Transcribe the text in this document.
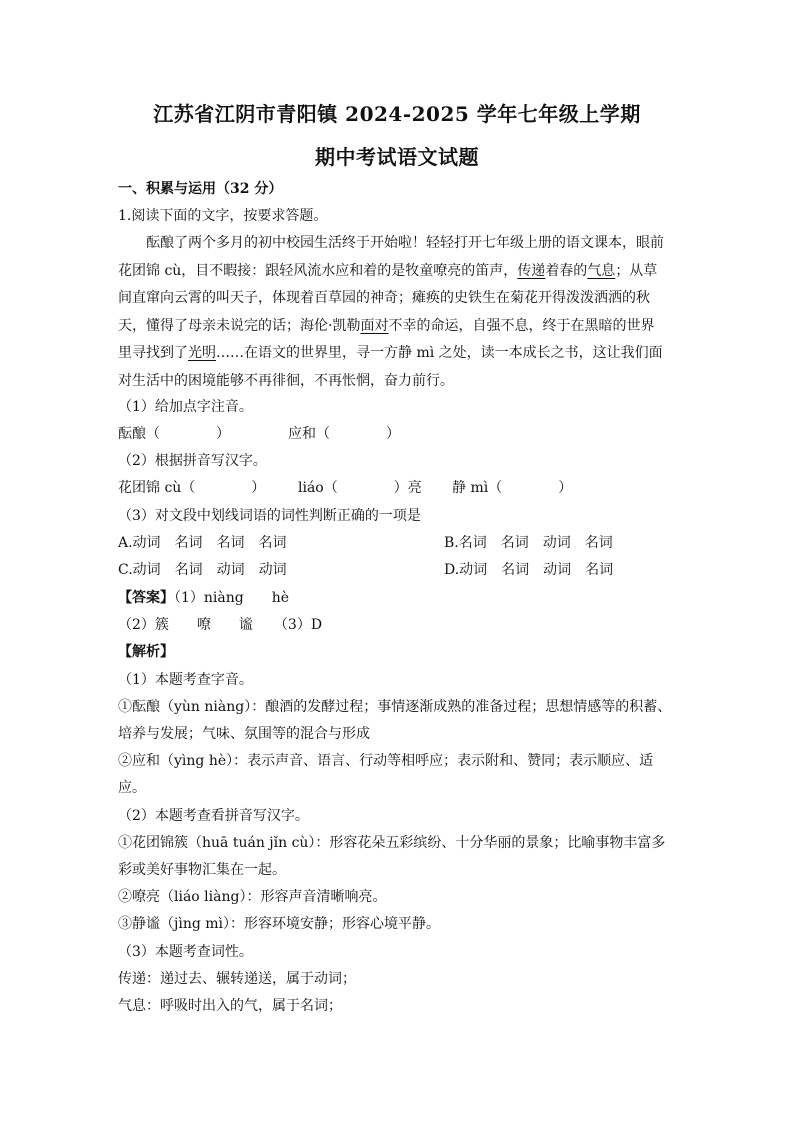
江苏省江阴市青阳镇 2024-2025 学年七年级上学期
期中考试语文试题
一、积累与运用（32 分）
1.阅读下面的文字，按要求答题。
酝酿了两个多月的初中校园生活终于开始啦！轻轻打开七年级上册的语文课本，眼前花团锦 cù，目不暇接：跟轻风流水应和着的是牧童嘹亮的笛声，传递着春的气息；从草间直窜向云霄的叫天子，体现着百草园的神奇；瘫痪的史铁生在菊花开得泼泼洒洒的秋天，懂得了母亲未说完的话；海伦·凯勒面对不幸的命运，自强不息，终于在黑暗的世界里寻找到了光明……在语文的世界里，寻一方静 mì 之处，读一本成长之书，这让我们面对生活中的困境能够不再徘徊，不再怅惘，奋力前行。
（1）给加点字注音。
酝酿（　　　　）	应和（　　　　）
（2）根据拼音写汉字。
花团锦 cù（　　　　） liáo（　　　　）亮 静 mì（　　　　）
（3）对文段中划线词语的词性判断正确的一项是
A.动词　名词　名词　名词	B.名词　名词　动词　名词
C.动词　名词　动词　动词	D.动词　名词　动词　名词
【答案】（1）niàng　　hè
（2）簇　　嘹　　谧　　（3）D
【解析】
（1）本题考查字音。
①酝酿（yùn niàng）：酿酒的发酵过程；事情逐渐成熟的准备过程；思想情感等的积蓄、
培养与发展；气味、氛围等的混合与形成
②应和（yìng hè）：表示声音、语言、行动等相呼应；表示附和、赞同；表示顺应、适
应。
（2）本题考查看拼音写汉字。
①花团锦簇（huā tuán jǐn cù）：形容花朵五彩缤纷、十分华丽的景象；比喻事物丰富多
彩或美好事物汇集在一起。
②嘹亮（liáo liàng）：形容声音清晰响亮。
③静谧（jìng mì）：形容环境安静；形容心境平静。
（3）本题考查词性。
传递：递过去、辗转递送，属于动词；
气息：呼吸时出入的气，属于名词；
